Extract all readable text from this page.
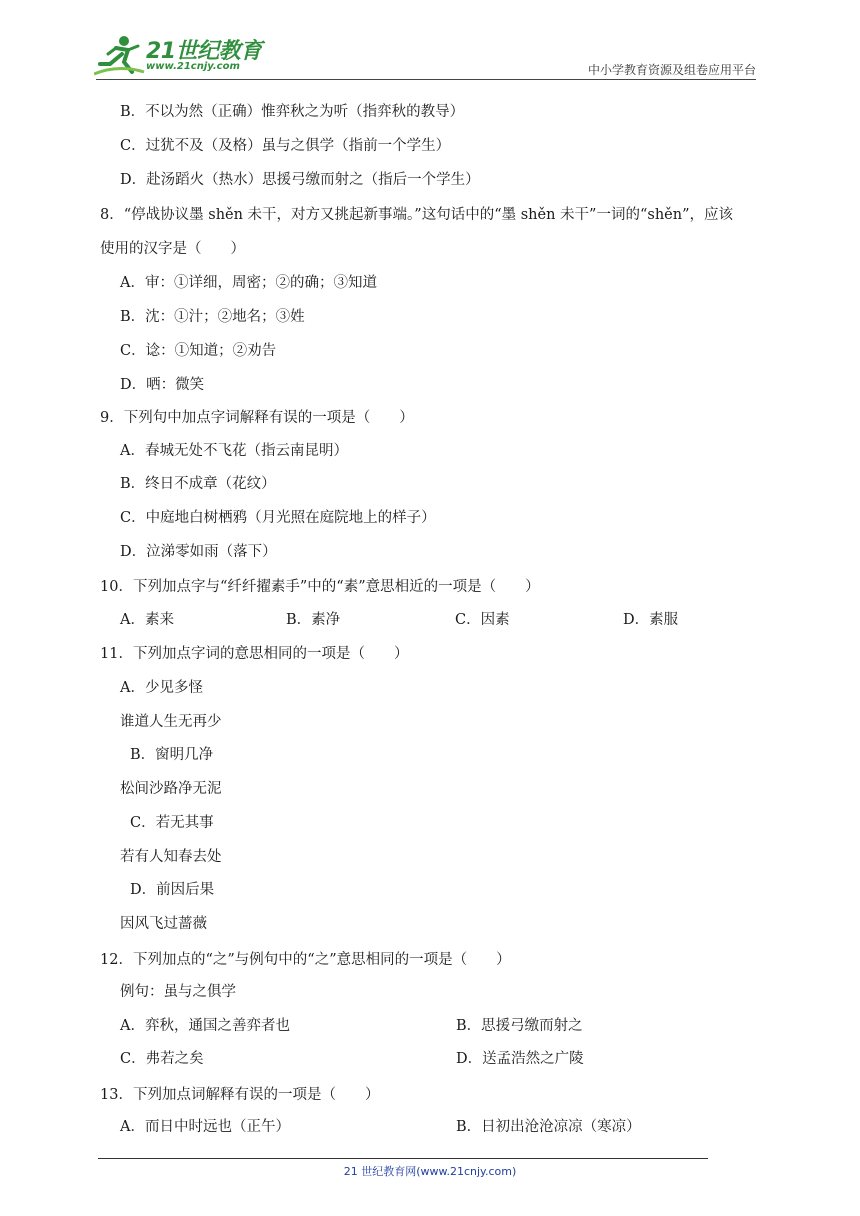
21世纪教育
www.21cnjy.com	中小学教育资源及组卷应用平台
B．不以为然（正确）惟弈秋之为听（指弈秋的教导）
C．过犹不及（及格）虽与之俱学（指前一个学生）
D．赴汤蹈火（热水）思援弓缴而射之（指后一个学生）
8．“停战协议墨 shěn 未干，对方又挑起新事端。”这句话中的“墨 shěn 未干”一词的“shěn”，应该
使用的汉字是（　　）
A．审：①详细，周密；②的确；③知道
B．沈：①汁；②地名；③姓
C．谂：①知道；②劝告
D．哂：微笑
9．下列句中加点字词解释有误的一项是（　　）
A．春城无处不飞花（指云南昆明）
B．终日不成章（花纹）
C．中庭地白树栖鸦（月光照在庭院地上的样子）
D．泣涕零如雨（落下）
10．下列加点字与“纤纤擢素手”中的“素”意思相近的一项是（　　）
A．素来	B．素净	C．因素	D．素服
11．下列加点字词的意思相同的一项是（　　）
A．少见多怪
谁道人生无再少
B．窗明几净
松间沙路净无泥
C．若无其事
若有人知春去处
D．前因后果
因风飞过蔷薇
12．下列加点的“之”与例句中的“之”意思相同的一项是（　　）
例句：虽与之俱学
A．弈秋，通国之善弈者也	B．思援弓缴而射之
C．弗若之矣	D．送孟浩然之广陵
13．下列加点词解释有误的一项是（　　）
A．而日中时远也（正午）	B．日初出沧沧凉凉（寒凉）
21 世纪教育网(www.21cnjy.com)
